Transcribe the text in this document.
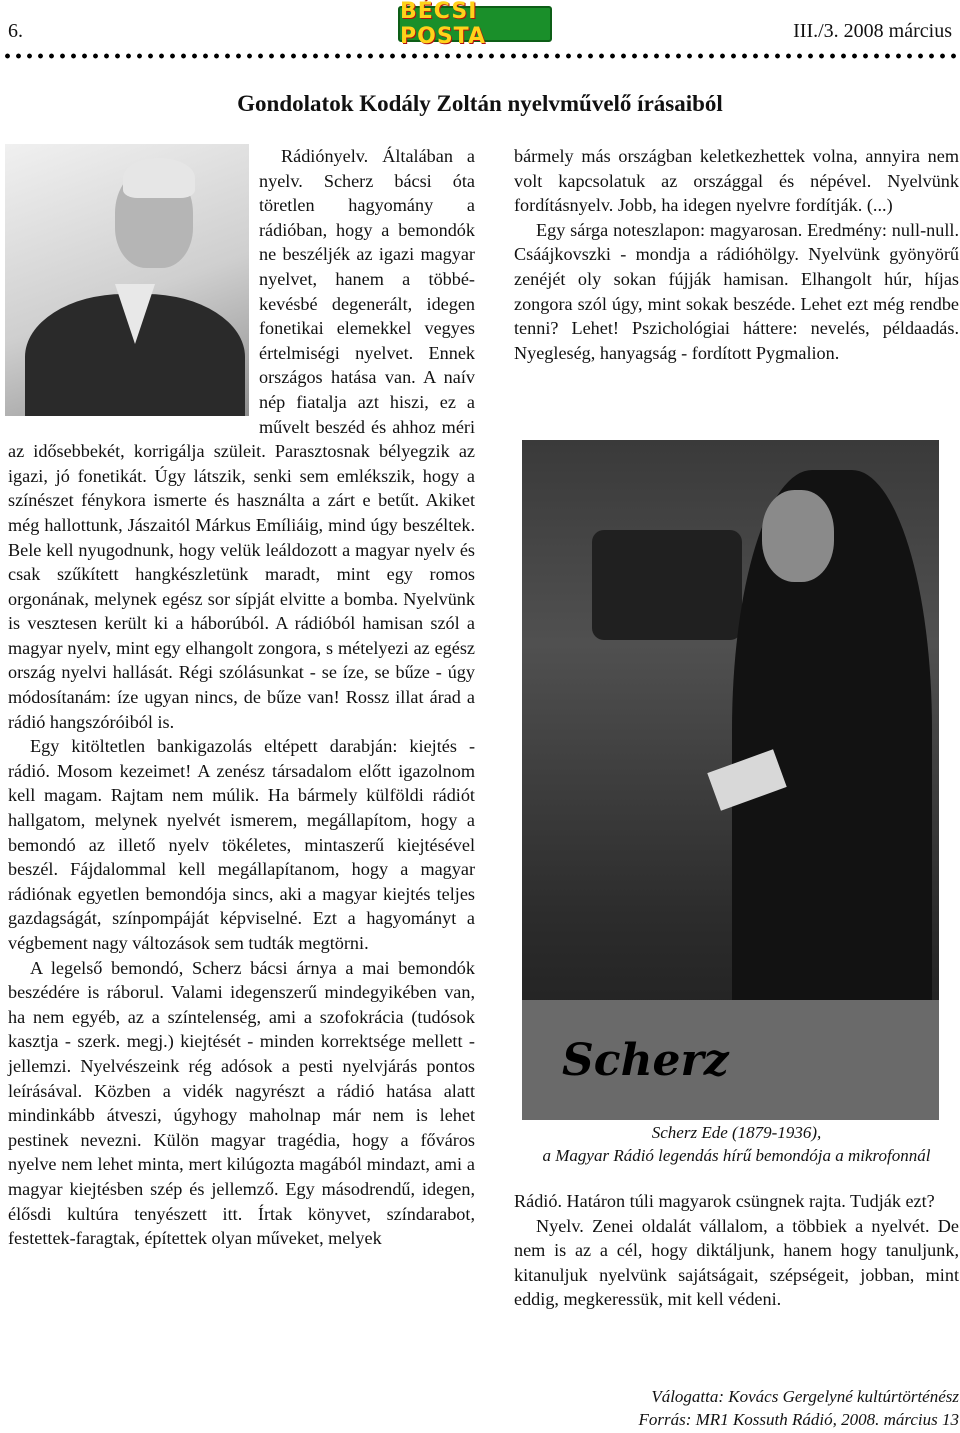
6.
BÉCSI POSTA	III./3. 2008 március
Gondolatok Kodály Zoltán nyelvművelő írásaiból

Rádiónyelv. Általában a nyelv. Scherz bácsi óta töretlen hagyomány a rádióban, hogy a bemondók ne beszéljék az igazi magyar nyelvet, hanem a többé-kevésbé degenerált, idegen fonetikai elemekkel vegyes értelmiségi nyelvet. Ennek országos hatása van. A naív nép fiatalja azt hiszi, ez a művelt beszéd és ahhoz méri az idősebbekét, korrigálja szüleit. Parasztosnak bélyegzik az igazi, jó fonetikát. Úgy látszik, senki sem emlékszik, hogy a színészet fénykora ismerte és használta a zárt e betűt. Akiket még hallottunk, Jászaitól Márkus Emíliáig, mind úgy beszéltek. Bele kell nyugodnunk, hogy velük leáldozott a magyar nyelv és csak szűkített hangkészletünk maradt, mint egy romos orgonának, melynek egész sor sípját elvitte a bomba. Nyelvünk is vesztesen került ki a háborúból. A rádióból hamisan szól a magyar nyelv, mint egy elhangolt zongora, s mételyezi az egész ország nyelvi hallását. Régi szólásunkat - se íze, se bűze - úgy módosítanám: íze ugyan nincs, de bűze van! Rossz illat árad a rádió hangszóróiból is.

Egy kitöltetlen bankigazolás eltépett darabján: kiejtés - rádió. Mosom kezeimet! A zenész társadalom előtt igazolnom kell magam. Rajtam nem múlik. Ha bármely külföldi rádiót hallgatom, melynek nyelvét ismerem, megállapítom, hogy a bemondó az illető nyelv tökéletes, mintaszerű kiejtésével beszél. Fájdalommal kell megállapítanom, hogy a magyar rádiónak egyetlen bemondója sincs, aki a magyar kiejtés teljes gazdagságát, színpompáját képviselné. Ezt a hagyományt a végbement nagy változások sem tudták megtörni.

A legelső bemondó, Scherz bácsi árnya a mai bemondók beszédére is ráborul. Valami idegenszerű mindegyikében van, ha nem egyéb, az a színtelenség, ami a szofokrácia (tudósok kasztja - szerk. megj.) kiejtését - minden korrektsége mellett - jellemzi. Nyelvészeink rég adósok a pesti nyelvjárás pontos leírásával. Közben a vidék nagyrészt a rádió hatása alatt mindinkább átveszi, úgyhogy maholnap már nem is lehet pestinek nevezni. Külön magyar tragédia, hogy a főváros nyelve nem lehet minta, mert kilúgozta magából mindazt, ami a magyar kiejtésben szép és jellemző. Egy másodrendű, idegen, élősdi kultúra tenyészett itt. Írtak könyvet, színdarabot, festettek-faragtak, építettek olyan műveket, melyek

bármely más országban keletkezhettek volna, annyira nem volt kapcsolatuk az országgal és népével. Nyelvünk fordításnyelv. Jobb, ha idegen nyelvre fordítják. (...)

Egy sárga noteszlapon: magyarosan. Eredmény: null-null. Csáájkovszki - mondja a rádióhölgy. Nyelvünk gyönyörű zenéjét oly sokan fújják hamisan. Elhangolt húr, híjas zongora szól úgy, mint sokak beszéde. Lehet ezt még rendbe tenni? Lehet! Pszichológiai háttere: nevelés, példaadás. Nyegleség, hanyagság - fordított Pygmalion.

Scherz
Scherz Ede (1879-1936),
a Magyar Rádió legendás hírű bemondója a mikrofonnál

Rádió. Határon túli magyarok csüngnek rajta. Tudják ezt?

Nyelv. Zenei oldalát vállalom, a többiek a nyelvét. De nem is az a cél, hogy diktáljunk, hanem hogy tanuljunk, kitanuljuk nyelvünk sajátságait, szépségeit, jobban, mint eddig, megkeressük, mit kell védeni.

Válogatta: Kovács Gergelyné kultúrtörténész
Forrás: MR1 Kossuth Rádió, 2008. március 13
